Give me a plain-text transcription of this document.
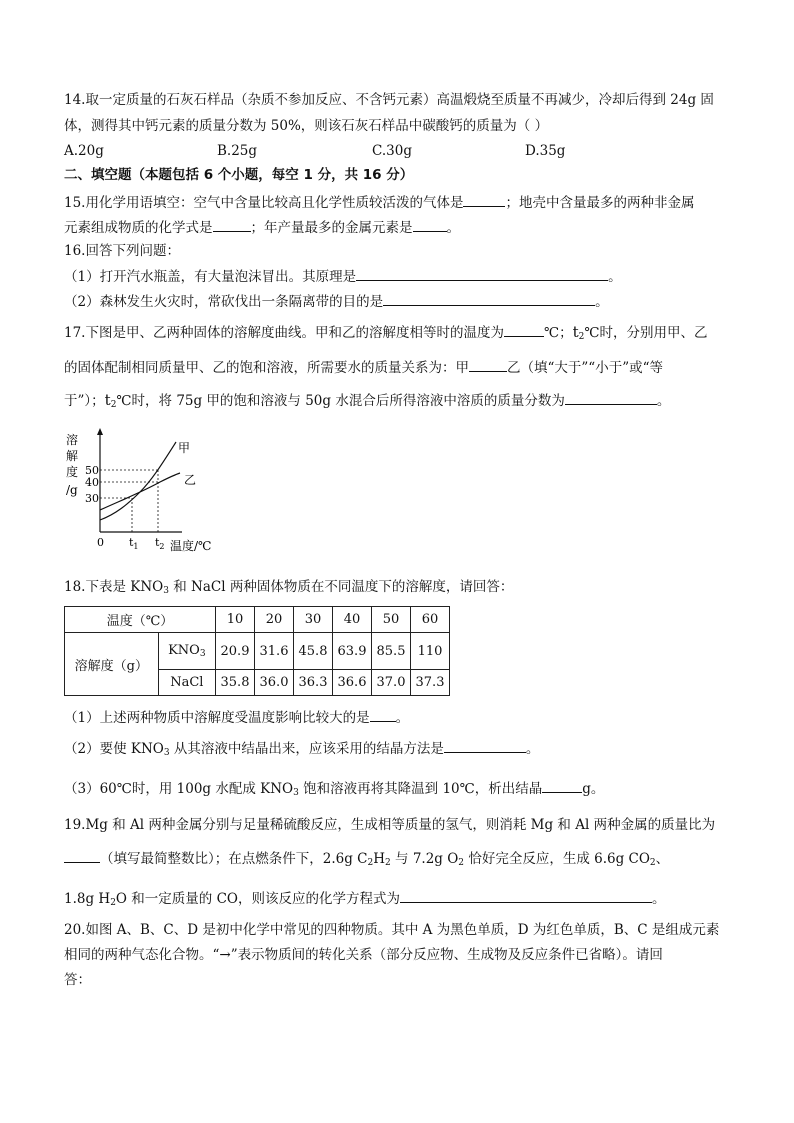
14.取一定质量的石灰石样品（杂质不参加反应、不含钙元素）高温煅烧至质量不再减少，冷却后得到 24g 固
体，测得其中钙元素的质量分数为 50%，则该石灰石样品中碳酸钙的质量为（ ）
A.20g	B.25g	C.30g	D.35g
二、填空题（本题包括 6 个小题，每空 1 分，共 16 分）
15.用化学用语填空：空气中含量比较高且化学性质较活泼的气体是	；地壳中含量最多的两种非金属
元素组成物质的化学式是	；年产量最多的金属元素是	。
16.回答下列问题：
（1）打开汽水瓶盖，有大量泡沫冒出。其原理是	。
（2）森林发生火灾时，常砍伐出一条隔离带的目的是	。
17.下图是甲、乙两种固体的溶解度曲线。甲和乙的溶解度相等时的温度为	℃；$t_2℃$时，分别用甲、乙
的固体配制相同质量甲、乙的饱和溶液，所需要水的质量关系为：甲	乙（填“大于”“小于”或“等
于”）；$t_2℃$时，将 75g 甲的饱和溶液与 50g 水混合后所得溶液中溶质的质量分数为	。
溶
解
度
/g
50
40
30
甲
乙
0 $t_1$ $t_2$ 温度/℃
18.下表是 $KNO_3$ 和 NaCl 两种固体物质在不同温度下的溶解度，请回答：
温度（℃）		10	20	30	40	50	60
溶解度（g）	$KNO_3$	20.9	31.6	45.8	63.9	85.5	110
	NaCl	35.8	36.0	36.3	36.6	37.0	37.3
（1）上述两种物质中溶解度受温度影响比较大的是 。
（2）要使 $KNO_3$ 从其溶液中结晶出来，应该采用的结晶方法是	。
（3）60℃时，用 100g 水配成 $KNO_3$ 饱和溶液再将其降温到 10℃，析出结晶	g。
19.Mg 和 Al 两种金属分别与足量稀硫酸反应，生成相等质量的氢气，则消耗 Mg 和 Al 两种金属的质量比为
（填写最简整数比）；在点燃条件下，2.6g $C_2H_2$ 与 7.2g $O_2$ 恰好完全反应，生成 6.6g $CO_2$、
1.8g $H_2O$ 和一定质量的 CO，则该反应的化学方程式为	。
20.如图 A、B、C、D 是初中化学中常见的四种物质。其中 A 为黑色单质，D 为红色单质，B、C 是组成元素
相同的两种气态化合物。“→”表示物质间的转化关系（部分反应物、生成物及反应条件已省略）。请回
答：
